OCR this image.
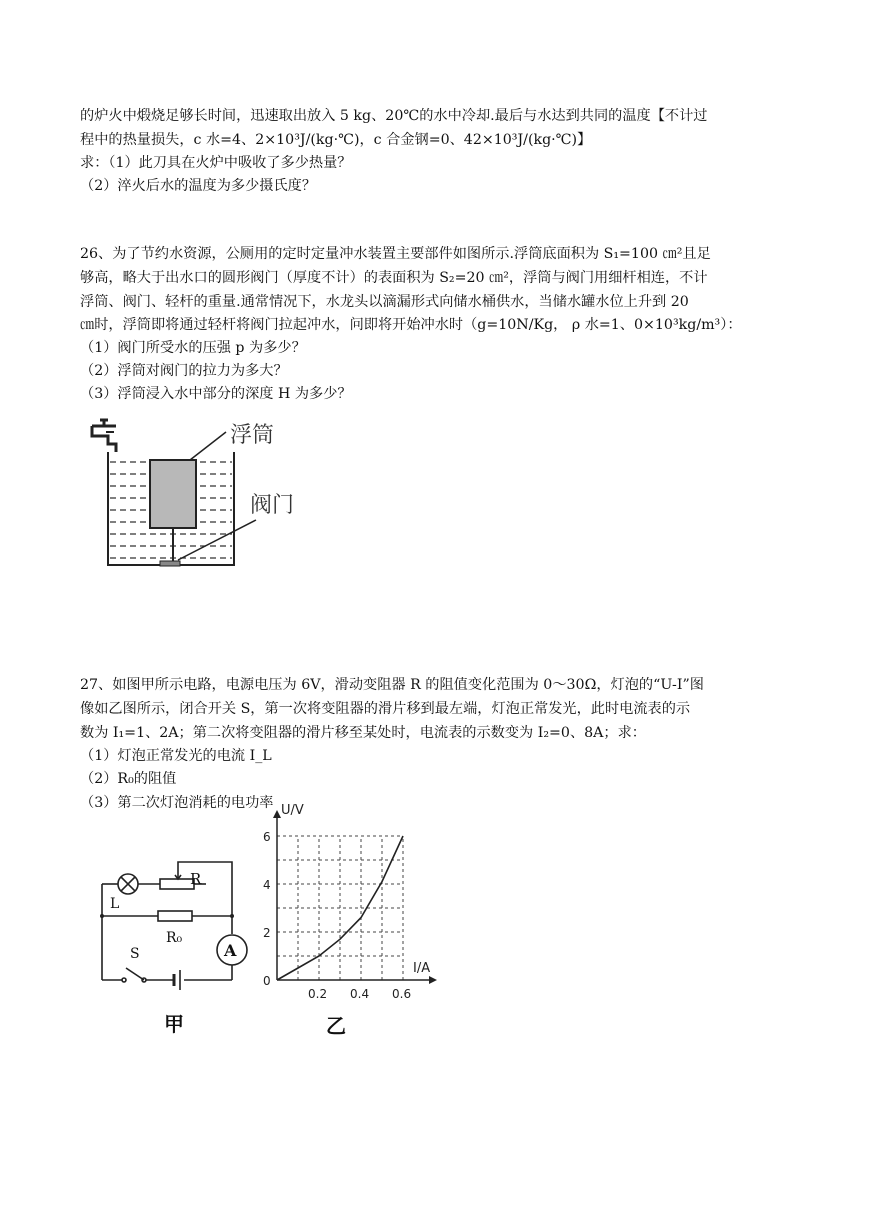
的炉火中煅烧足够长时间，迅速取出放入 5 kg、20℃的水中冷却.最后与水达到共同的温度【不计过
程中的热量损失，c 水=4、2×10³J/(kg·℃)，c 合金钢=0、42×10³J/(kg·℃)】
求：（1）此刀具在火炉中吸收了多少热量？
（2）淬火后水的温度为多少摄氏度？
26、为了节约水资源，公厕用的定时定量冲水装置主要部件如图所示.浮筒底面积为 S₁=100 ㎝²且足
够高，略大于出水口的圆形阀门（厚度不计）的表面积为 S₂=20 ㎝²，浮筒与阀门用细杆相连，不计
浮筒、阀门、轻杆的重量.通常情况下，水龙头以滴漏形式向储水桶供水，当储水罐水位上升到 20
㎝时，浮筒即将通过轻杆将阀门拉起冲水，问即将开始冲水时（g=10N/Kg， ρ 水=1、0×10³kg/m³）：
（1）阀门所受水的压强 p 为多少？
（2）浮筒对阀门的拉力为多大？
（3）浮筒浸入水中部分的深度 H 为多少？
浮筒
阀门
27、如图甲所示电路，电源电压为 6V，滑动变阻器 R 的阻值变化范围为 0～30Ω，灯泡的“U-I”图
像如乙图所示，闭合开关 S，第一次将变阻器的滑片移到最左端，灯泡正常发光，此时电流表的示
数为 I₁=1、2A；第二次将变阻器的滑片移至某处时，电流表的示数变为 I₂=0、8A；求：
（1）灯泡正常发光的电流 I_L
（2）R₀的阻值
（3）第二次灯泡消耗的电功率
R
L
R₀
S	A
甲
0
2
4
6
0.2 0.4 0.6
U/V
I/A
乙
